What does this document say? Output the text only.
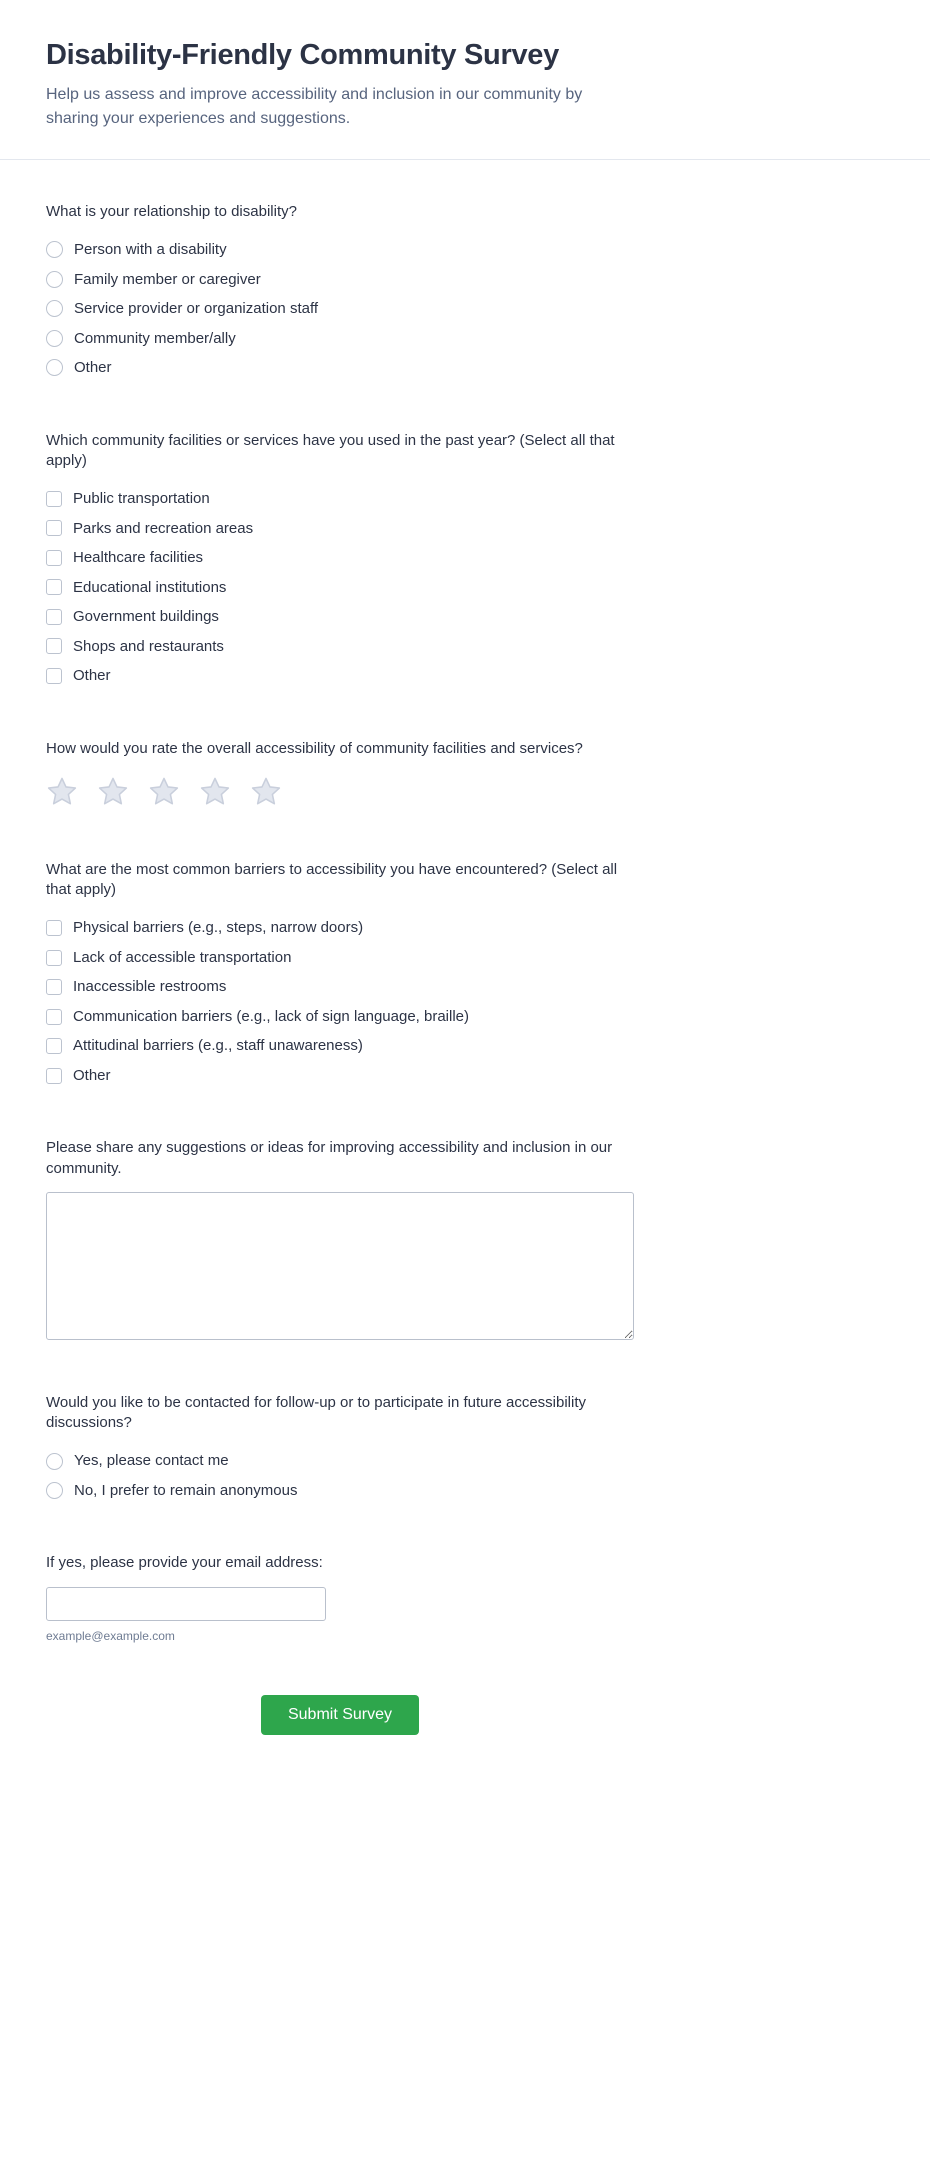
Disability-Friendly Community Survey

Help us assess and improve accessibility and inclusion in our community by sharing your experiences and suggestions.

What is your relationship to disability?
Person with a disability
Family member or caregiver
Service provider or organization staff
Community member/ally
Other
Which community facilities or services have you used in the past year? (Select all that apply)
Public transportation
Parks and recreation areas
Healthcare facilities
Educational institutions
Government buildings
Shops and restaurants
Other
How would you rate the overall accessibility of community facilities and services?
What are the most common barriers to accessibility you have encountered? (Select all that apply)
Physical barriers (e.g., steps, narrow doors)
Lack of accessible transportation
Inaccessible restrooms
Communication barriers (e.g., lack of sign language, braille)
Attitudinal barriers (e.g., staff unawareness)
Other
Please share any suggestions or ideas for improving accessibility and inclusion in our community.
Would you like to be contacted for follow-up or to participate in future accessibility discussions?
Yes, please contact me
No, I prefer to remain anonymous
If yes, please provide your email address:
example@example.com
Submit Survey
